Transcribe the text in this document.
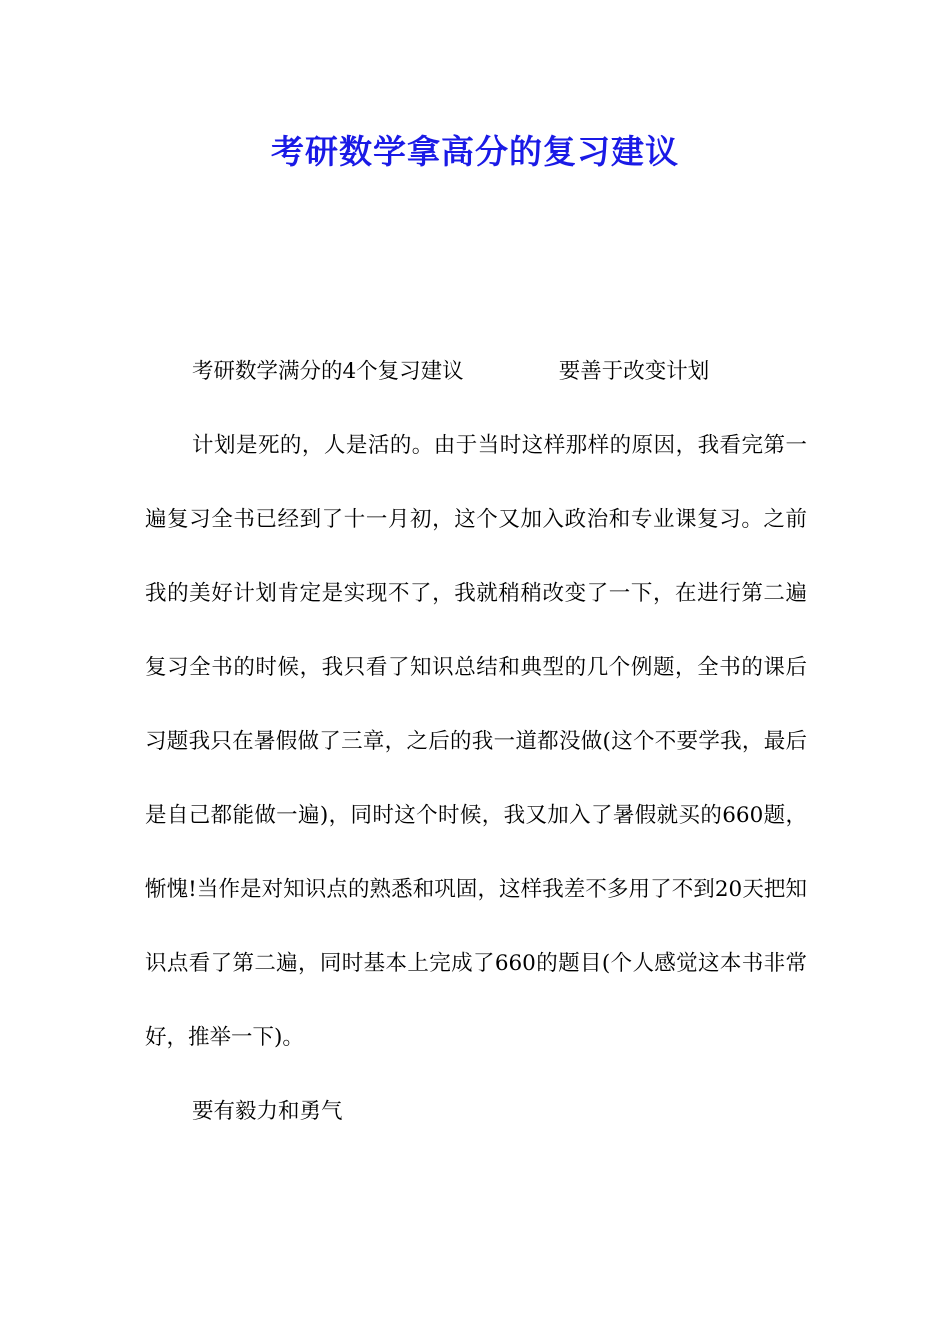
考研数学拿高分的复习建议

考研数学满分的4个复习建议	要善于改变计划

计划是死的，人是活的。由于当时这样那样的原因，我看完第一遍复习全书已经到了十一月初，这个又加入政治和专业课复习。之前我的美好计划肯定是实现不了，我就稍稍改变了一下，在进行第二遍复习全书的时候，我只看了知识总结和典型的几个例题，全书的课后习题我只在暑假做了三章，之后的我一道都没做(这个不要学我，最后是自己都能做一遍)，同时这个时候，我又加入了暑假就买的660题，惭愧!当作是对知识点的熟悉和巩固，这样我差不多用了不到20天把知识点看了第二遍，同时基本上完成了660的题目(个人感觉这本书非常好，推举一下)。

要有毅力和勇气
